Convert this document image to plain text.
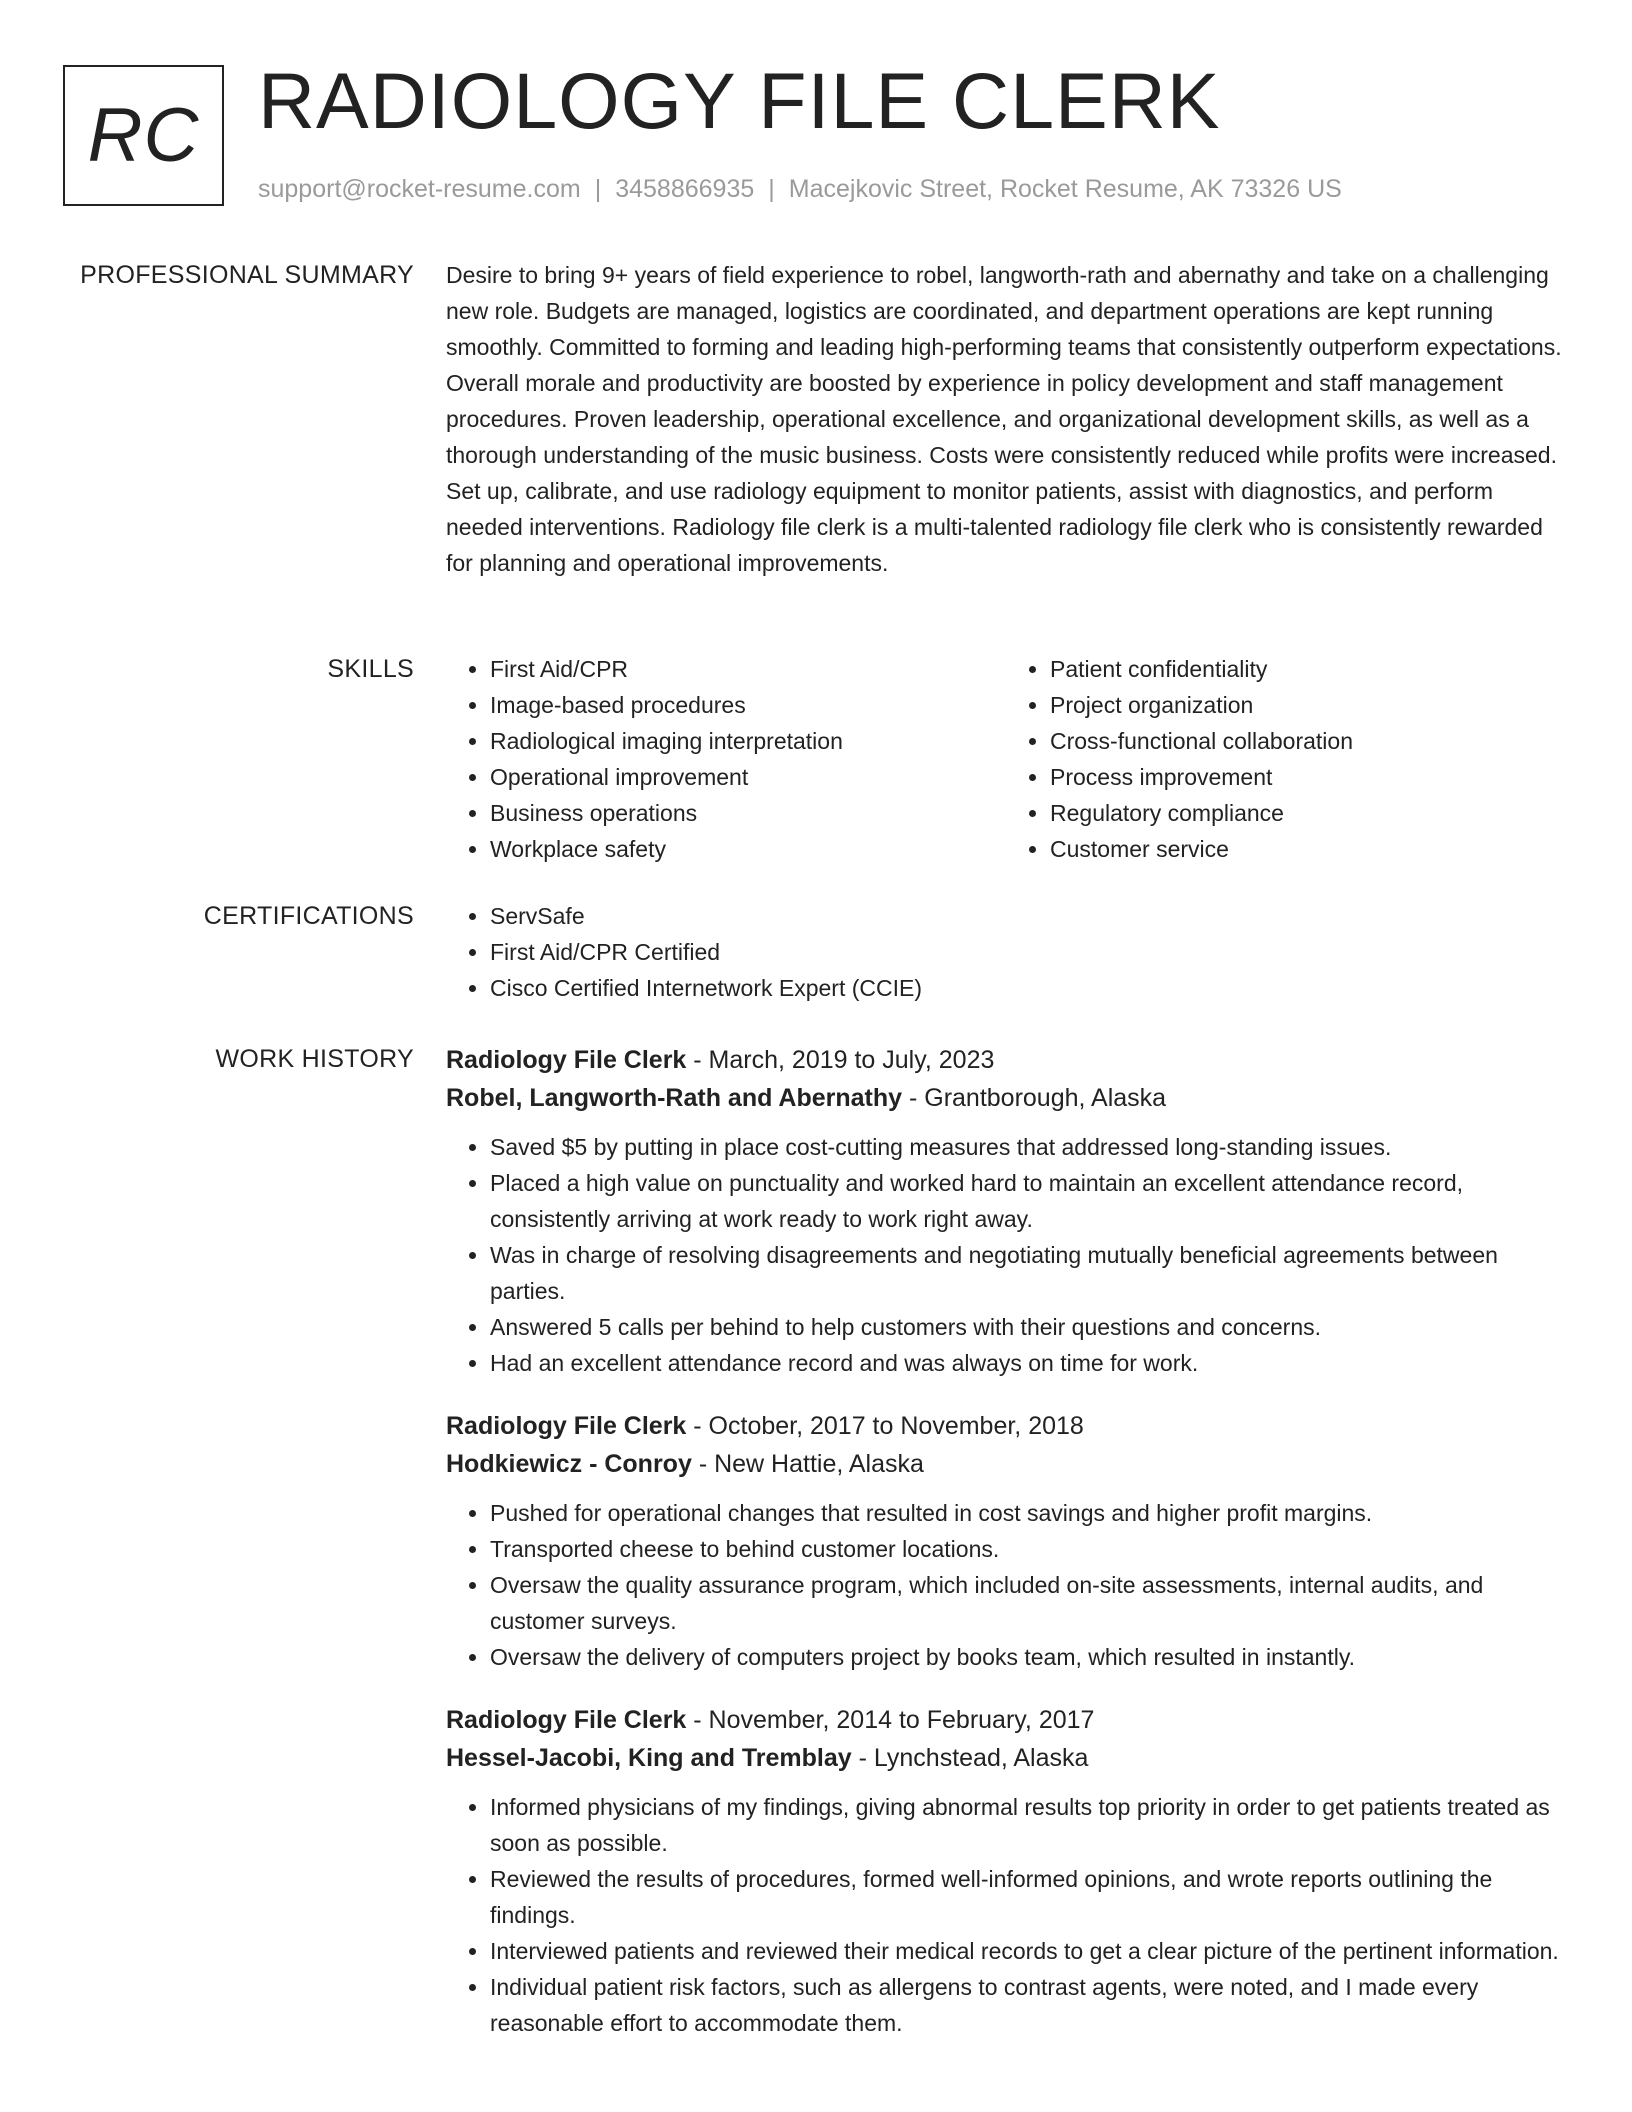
RC RADIOLOGY FILE CLERK
support@rocket-resume.com | 3458866935 | Macejkovic Street, Rocket Resume, AK 73326 US
PROFESSIONAL SUMMARY Desire to bring 9+ years of field experience to robel, langworth-rath and abernathy and take on a challenging new role. Budgets are managed, logistics are coordinated, and department operations are kept running smoothly. Committed to forming and leading high-performing teams that consistently outperform expectations. Overall morale and productivity are boosted by experience in policy development and staff management procedures. Proven leadership, operational excellence, and organizational development skills, as well as a thorough understanding of the music business. Costs were consistently reduced while profits were increased. Set up, calibrate, and use radiology equipment to monitor patients, assist with diagnostics, and perform needed interventions. Radiology file clerk is a multi-talented radiology file clerk who is consistently rewarded for planning and operational improvements.

SKILLS	• First Aid/CPR
• Image-based procedures
• Radiological imaging interpretation
• Operational improvement
• Business operations
• Workplace safety
• Patient confidentiality
• Project organization
• Cross-functional collaboration
• Process improvement
• Regulatory compliance
• Customer service
CERTIFICATIONS	• ServSafe
• First Aid/CPR Certified
• Cisco Certified Internetwork Expert (CCIE)
WORK HISTORY Radiology File Clerk - March, 2019 to July, 2023
Robel, Langworth-Rath and Abernathy - Grantborough, Alaska
• Saved $5 by putting in place cost-cutting measures that addressed long-standing issues.
• Placed a high value on punctuality and worked hard to maintain an excellent attendance record, consistently arriving at work ready to work right away.
• Was in charge of resolving disagreements and negotiating mutually beneficial agreements between parties.
• Answered 5 calls per behind to help customers with their questions and concerns.
• Had an excellent attendance record and was always on time for work.
Radiology File Clerk - October, 2017 to November, 2018
Hodkiewicz - Conroy - New Hattie, Alaska
• Pushed for operational changes that resulted in cost savings and higher profit margins.
• Transported cheese to behind customer locations.
• Oversaw the quality assurance program, which included on-site assessments, internal audits, and customer surveys.
• Oversaw the delivery of computers project by books team, which resulted in instantly.
Radiology File Clerk - November, 2014 to February, 2017
Hessel-Jacobi, King and Tremblay - Lynchstead, Alaska
• Informed physicians of my findings, giving abnormal results top priority in order to get patients treated as soon as possible.
• Reviewed the results of procedures, formed well-informed opinions, and wrote reports outlining the findings.
• Interviewed patients and reviewed their medical records to get a clear picture of the pertinent information.
• Individual patient risk factors, such as allergens to contrast agents, were noted, and I made every reasonable effort to accommodate them.
